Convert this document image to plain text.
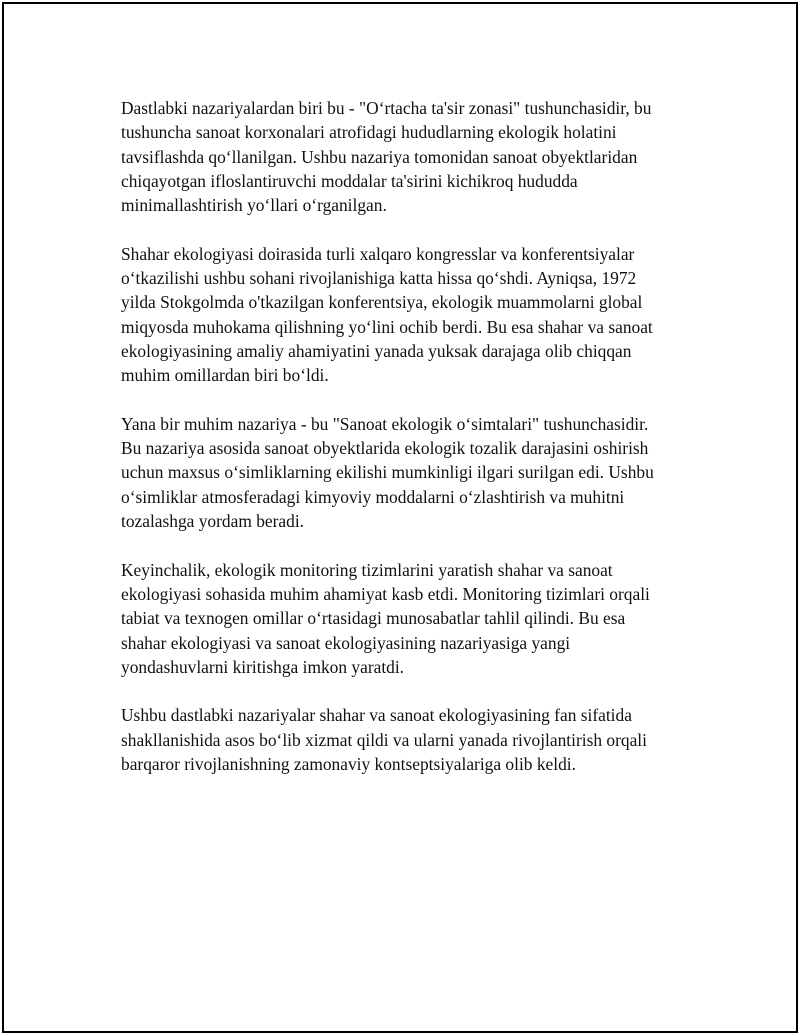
Dastlabki nazariyalardan biri bu - "O‘rtacha ta'sir zonasi" tushunchasidir, bu
tushuncha sanoat korxonalari atrofidagi hududlarning ekologik holatini
tavsiflashda qo‘llanilgan. Ushbu nazariya tomonidan sanoat obyektlaridan
chiqayotgan ifloslantiruvchi moddalar ta'sirini kichikroq hududda
minimallashtirish yo‘llari o‘rganilgan.

Shahar ekologiyasi doirasida turli xalqaro kongresslar va konferentsiyalar
o‘tkazilishi ushbu sohani rivojlanishiga katta hissa qo‘shdi. Ayniqsa, 1972
yilda Stokgolmda o'tkazilgan konferentsiya, ekologik muammolarni global
miqyosda muhokama qilishning yo‘lini ochib berdi. Bu esa shahar va sanoat
ekologiyasining amaliy ahamiyatini yanada yuksak darajaga olib chiqqan
muhim omillardan biri bo‘ldi.

Yana bir muhim nazariya - bu "Sanoat ekologik o‘simtalari" tushunchasidir.
Bu nazariya asosida sanoat obyektlarida ekologik tozalik darajasini oshirish
uchun maxsus o‘simliklarning ekilishi mumkinligi ilgari surilgan edi. Ushbu
o‘simliklar atmosferadagi kimyoviy moddalarni o‘zlashtirish va muhitni
tozalashga yordam beradi.

Keyinchalik, ekologik monitoring tizimlarini yaratish shahar va sanoat
ekologiyasi sohasida muhim ahamiyat kasb etdi. Monitoring tizimlari orqali
tabiat va texnogen omillar o‘rtasidagi munosabatlar tahlil qilindi. Bu esa
shahar ekologiyasi va sanoat ekologiyasining nazariyasiga yangi
yondashuvlarni kiritishga imkon yaratdi.

Ushbu dastlabki nazariyalar shahar va sanoat ekologiyasining fan sifatida
shakllanishida asos bo‘lib xizmat qildi va ularni yanada rivojlantirish orqali
barqaror rivojlanishning zamonaviy kontseptsiyalariga olib keldi.
